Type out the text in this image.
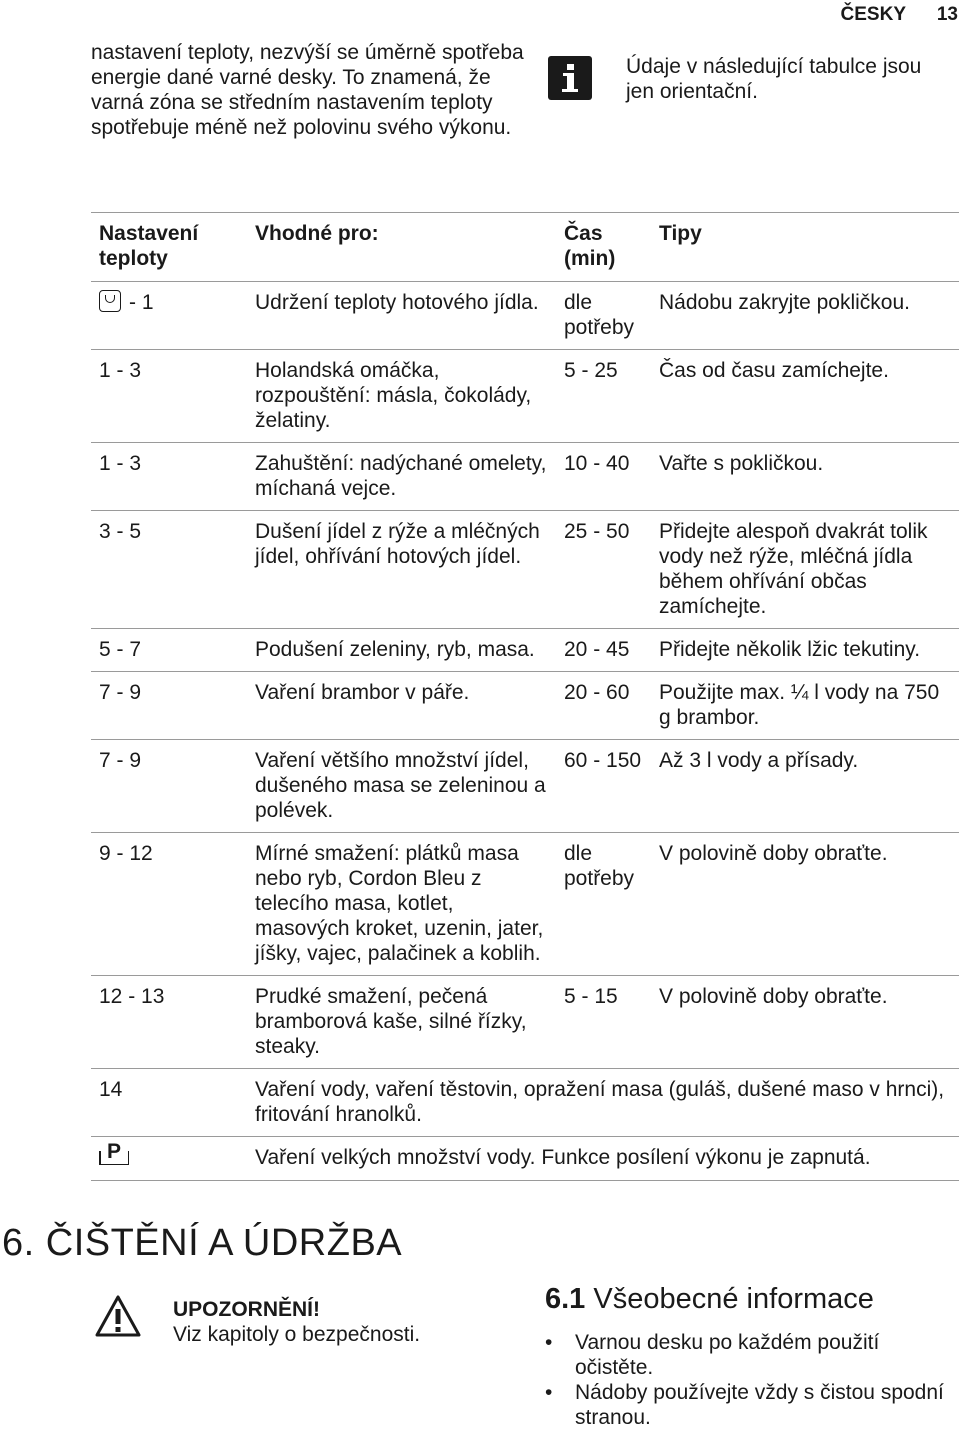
ČESKY 13

nastavení teploty, nezvýší se úměrně spotřeba energie dané varné desky. To znamená, že varná zóna se středním nastavením teploty spotřebuje méně než polovinu svého výkonu.

Údaje v následující tabulce jsou jen orientační.

Nastavení teploty	Vhodné pro:	Čas (min)	Tipy
- 1	Udržení teploty hotového jídla.	dle potřeby	Nádobu zakryjte pokličkou.
1 - 3	Holandská omáčka, rozpouštění: másla, čokolády, želatiny.	5 - 25	Čas od času zamíchejte.
1 - 3	Zahuštění: nadýchané omelety, míchaná vejce.	10 - 40	Vařte s pokličkou.
3 - 5	Dušení jídel z rýže a mléčných jídel, ohřívání hotových jídel.	25 - 50	Přidejte alespoň dvakrát tolik vody než rýže, mléčná jídla během ohřívání občas zamíchejte.
5 - 7	Podušení zeleniny, ryb, masa.	20 - 45	Přidejte několik lžic tekutiny.
7 - 9	Vaření brambor v páře.	20 - 60	Použijte max. ¼ l vody na 750 g brambor.
7 - 9	Vaření většího množství jídel, dušeného masa se zeleninou a polévek.	60 - 150	Až 3 l vody a přísady.
9 - 12	Mírné smažení: plátků masa nebo ryb, Cordon Bleu z telecího masa, kotlet, masových kroket, uzenin, jater, jíšky, vajec, palačinek a koblih.	dle potřeby	V polovině doby obraťte.
12 - 13	Prudké smažení, pečená bramborová kaše, silné řízky, steaky.	5 - 15	V polovině doby obraťte.
14	Vaření vody, vaření těstovin, opražení masa (guláš, dušené maso v hrnci), fritování hranolků.		

P	Vaření velkých množství vody. Funkce posílení výkonu je zapnutá.		
6. ČIŠTĚNÍ A ÚDRŽBA
UPOZORNĚNÍ!
Viz kapitoly o bezpečnosti.
6.1 Všeobecné informace
• Varnou desku po každém použití očistěte.
• Nádoby používejte vždy s čistou spodní stranou.
